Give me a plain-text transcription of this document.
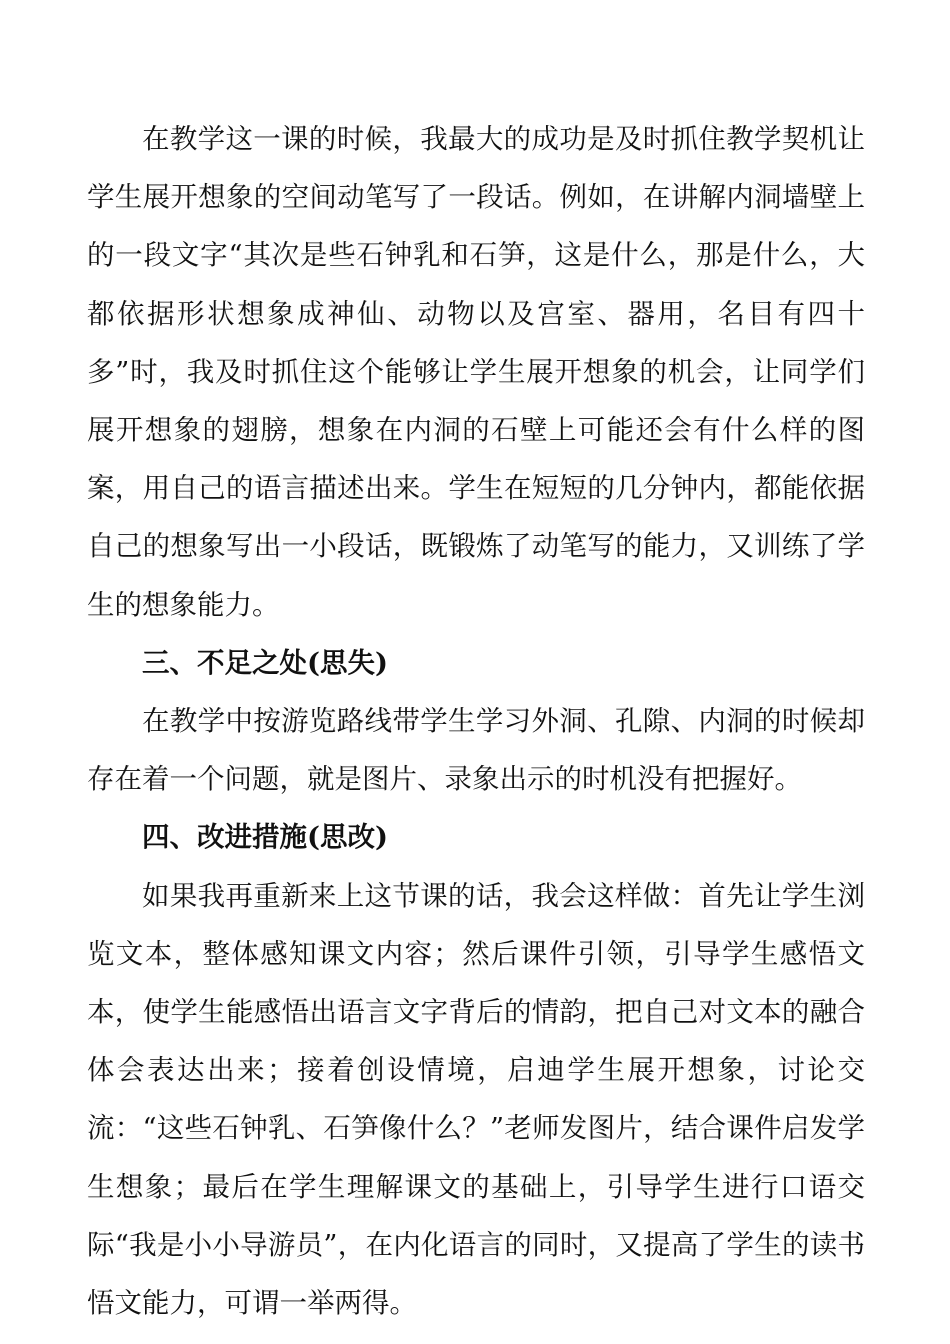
在教学这一课的时候，我最大的成功是及时抓住教学契机让学生展开想象的空间动笔写了一段话。例如，在讲解内洞墙壁上的一段文字“其次是些石钟乳和石笋，这是什么，那是什么，大都依据形状想象成神仙、动物以及宫室、器用，名目有四十多”时，我及时抓住这个能够让学生展开想象的机会，让同学们展开想象的翅膀，想象在内洞的石壁上可能还会有什么样的图案，用自己的语言描述出来。学生在短短的几分钟内，都能依据自己的想象写出一小段话，既锻炼了动笔写的能力，又训练了学生的想象能力。

三、不足之处(思失)

在教学中按游览路线带学生学习外洞、孔隙、内洞的时候却存在着一个问题，就是图片、录象出示的时机没有把握好。

四、改进措施(思改)

如果我再重新来上这节课的话，我会这样做：首先让学生浏览文本，整体感知课文内容；然后课件引领，引导学生感悟文本，使学生能感悟出语言文字背后的情韵，把自己对文本的融合体会表达出来；接着创设情境，启迪学生展开想象，讨论交流：“这些石钟乳、石笋像什么？”老师发图片，结合课件启发学生想象；最后在学生理解课文的基础上，引导学生进行口语交际“我是小小导游员”，在内化语言的同时，又提高了学生的读书悟文能力，可谓一举两得。
